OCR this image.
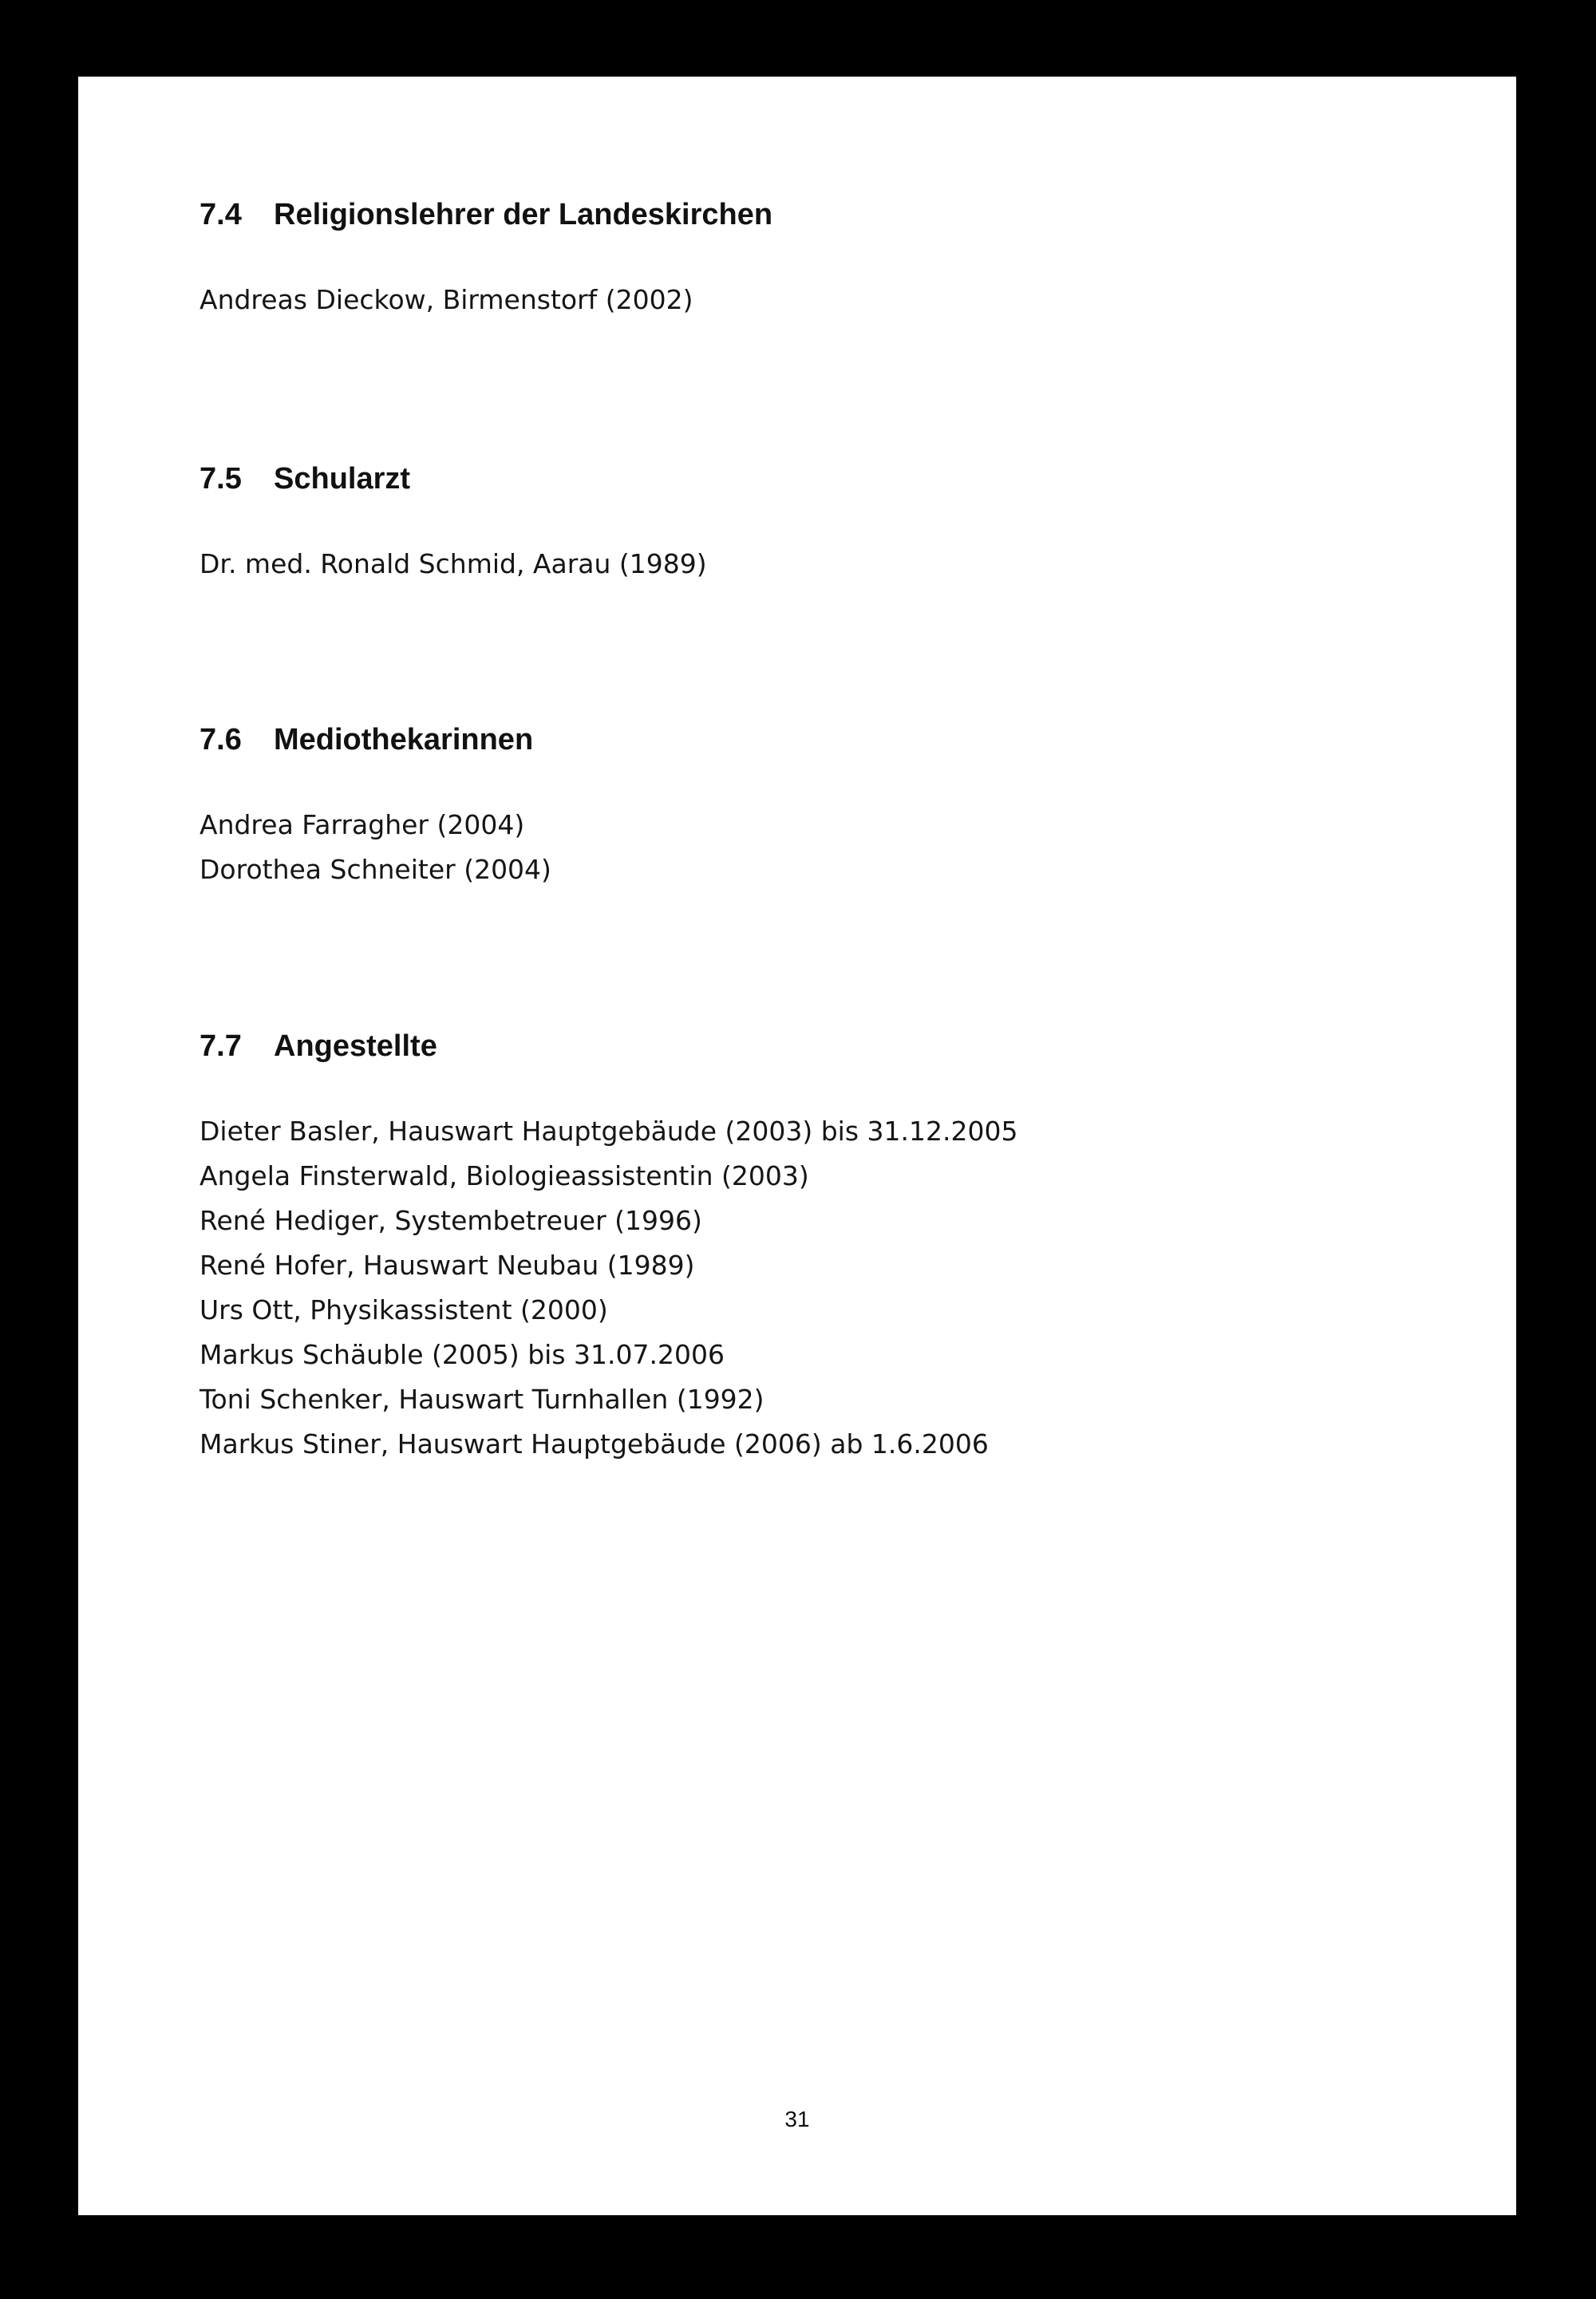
7.4 Religionslehrer der Landeskirchen
Andreas Dieckow, Birmenstorf (2002)
7.5 Schularzt
Dr. med. Ronald Schmid, Aarau (1989)
7.6 Mediothekarinnen
Andrea Farragher (2004)
Dorothea Schneiter (2004)
7.7 Angestellte
Dieter Basler, Hauswart Hauptgebäude (2003) bis 31.12.2005
Angela Finsterwald, Biologieassistentin (2003)
René Hediger, Systembetreuer (1996)
René Hofer, Hauswart Neubau (1989)
Urs Ott, Physikassistent (2000)
Markus Schäuble (2005) bis 31.07.2006
Toni Schenker, Hauswart Turnhallen (1992)
Markus Stiner, Hauswart Hauptgebäude (2006) ab 1.6.2006
31
